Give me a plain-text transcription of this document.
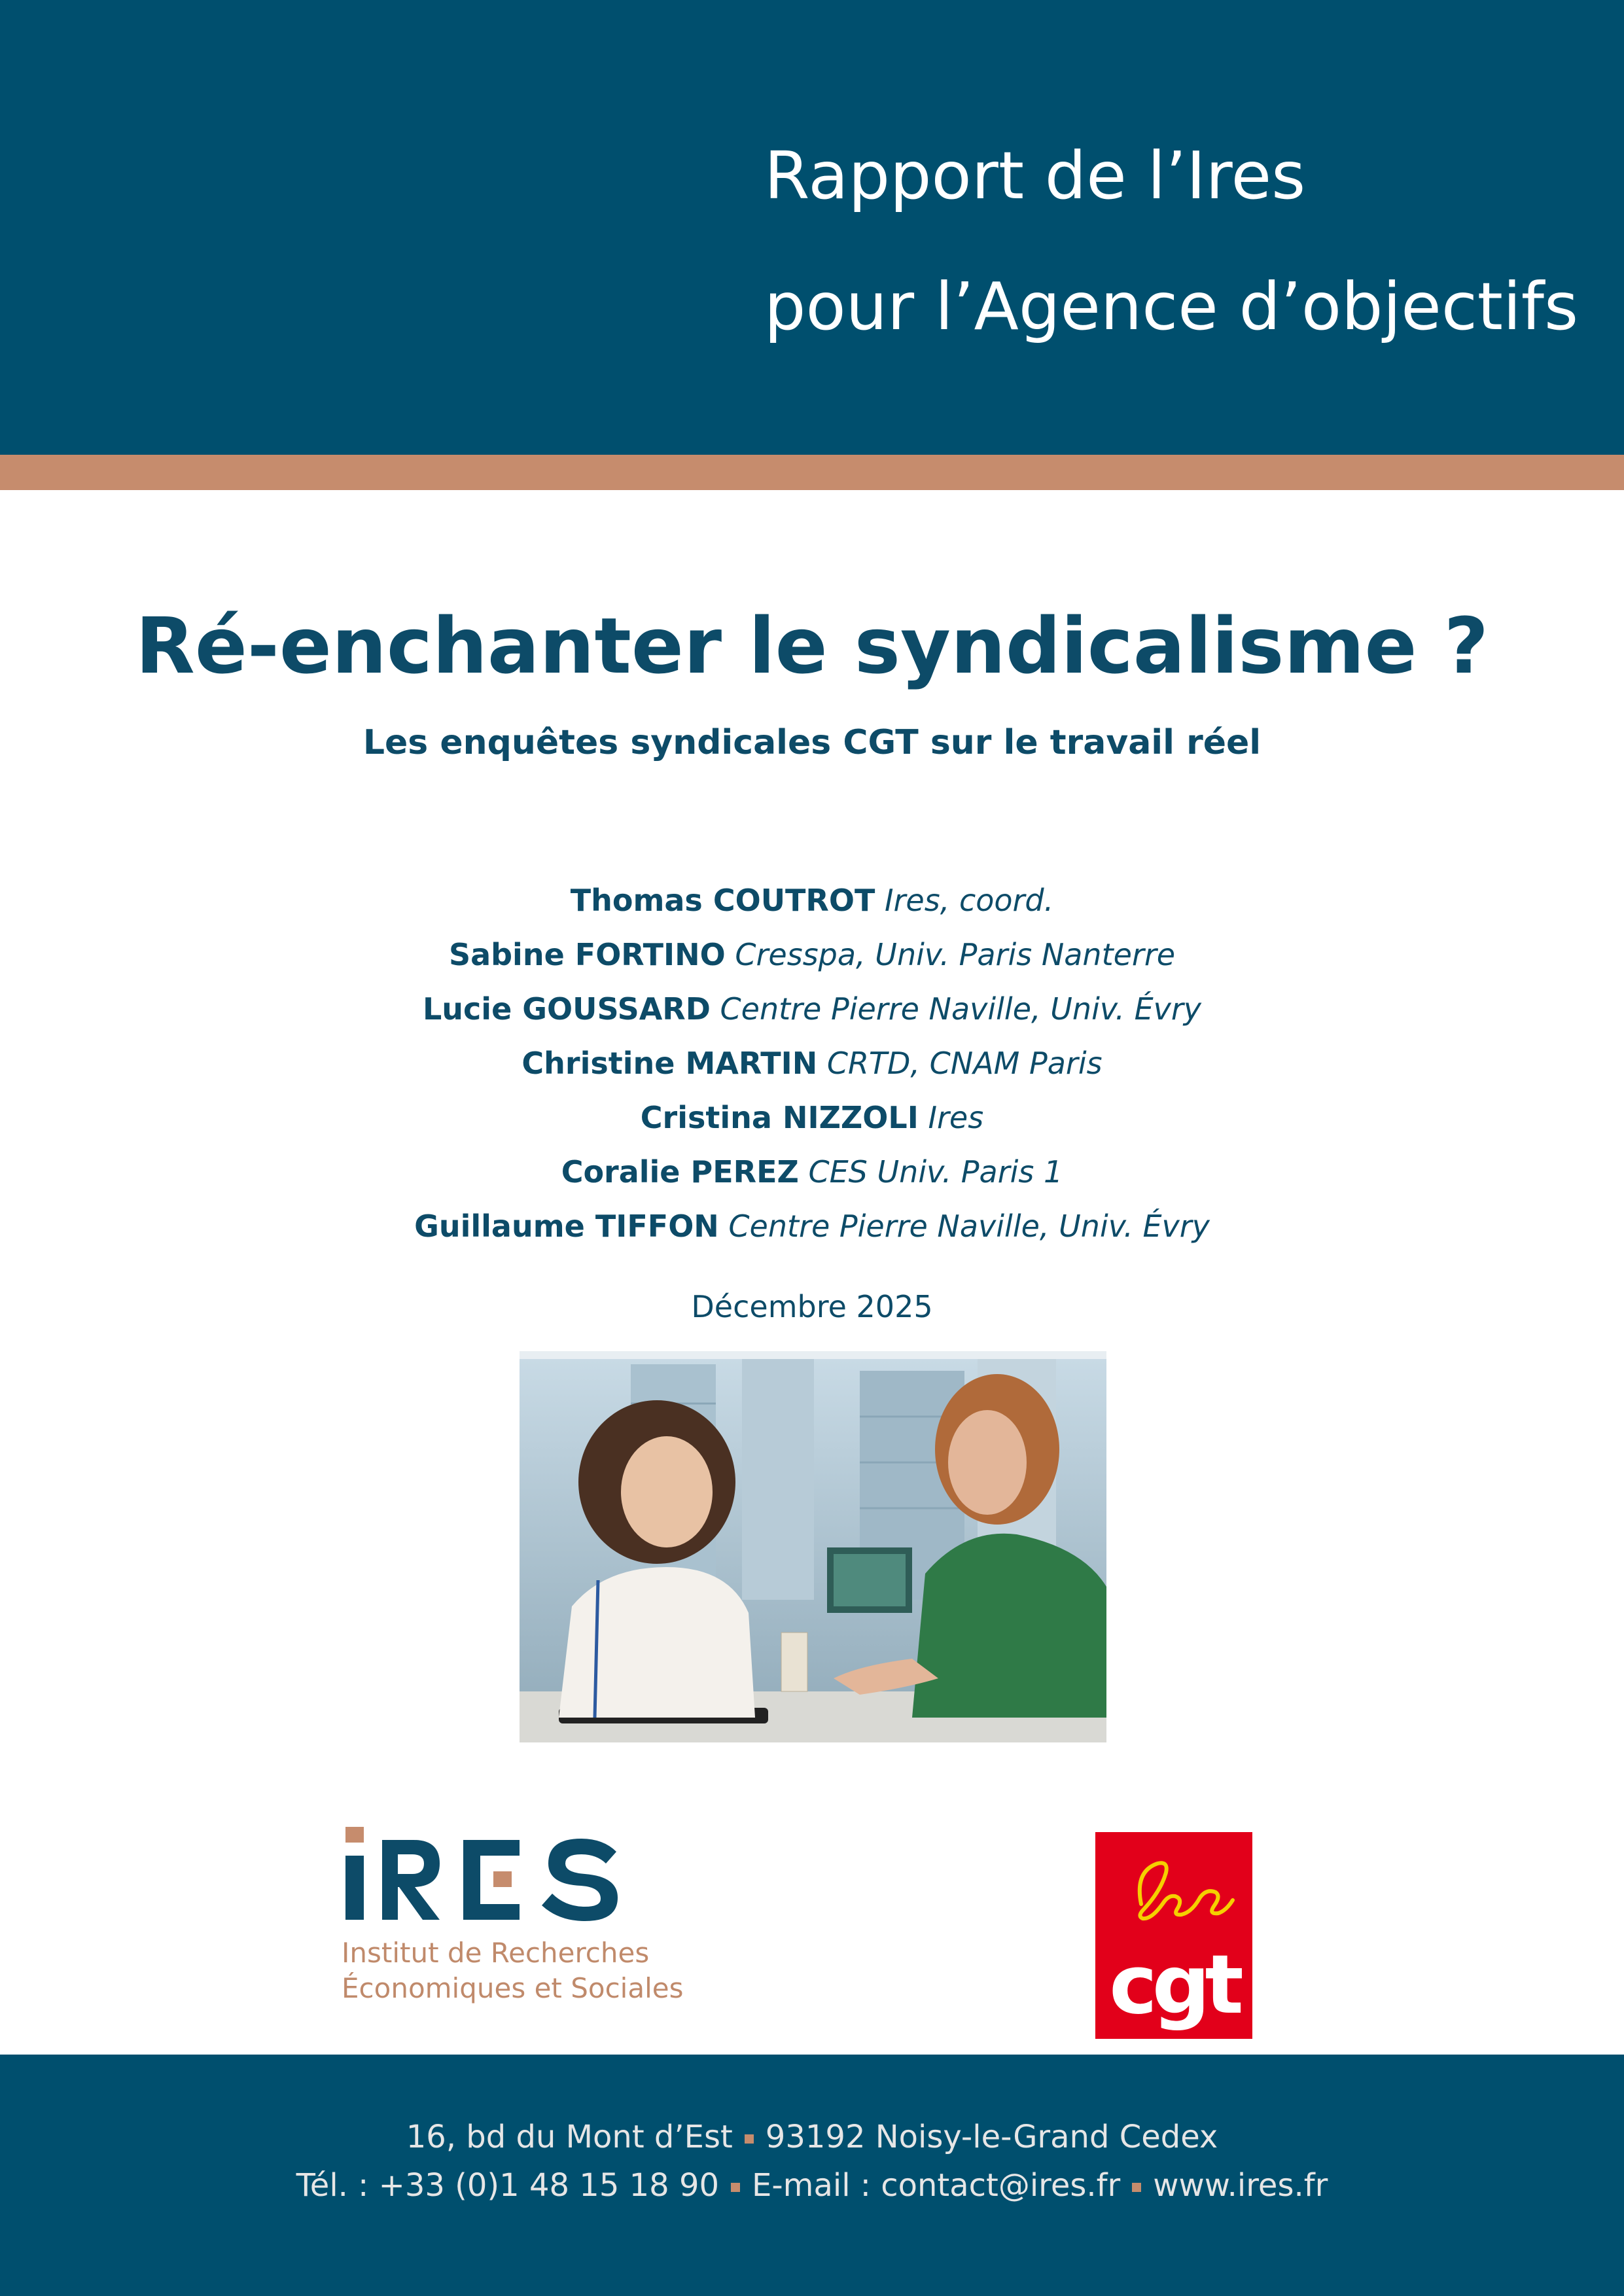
Rapport de l’Ires
pour l’Agence d’objectifs
Ré-enchanter le syndicalisme ?
Les enquêtes syndicales CGT sur le travail réel
Thomas COUTROT Ires, coord.
Sabine FORTINO Cresspa, Univ. Paris Nanterre
Lucie GOUSSARD Centre Pierre Naville, Univ. Évry
Christine MARTIN CRTD, CNAM Paris
Cristina NIZZOLI Ires
Coralie PEREZ CES Univ. Paris 1
Guillaume TIFFON Centre Pierre Naville, Univ. Évry
Décembre 2025
Institut de Recherches
Économiques et Sociales	cgt
16, bd du Mont d’Est 93192 Noisy-le-Grand Cedex
Tél. : +33 (0)1 48 15 18 90 E-mail : contact@ires.fr www.ires.fr
